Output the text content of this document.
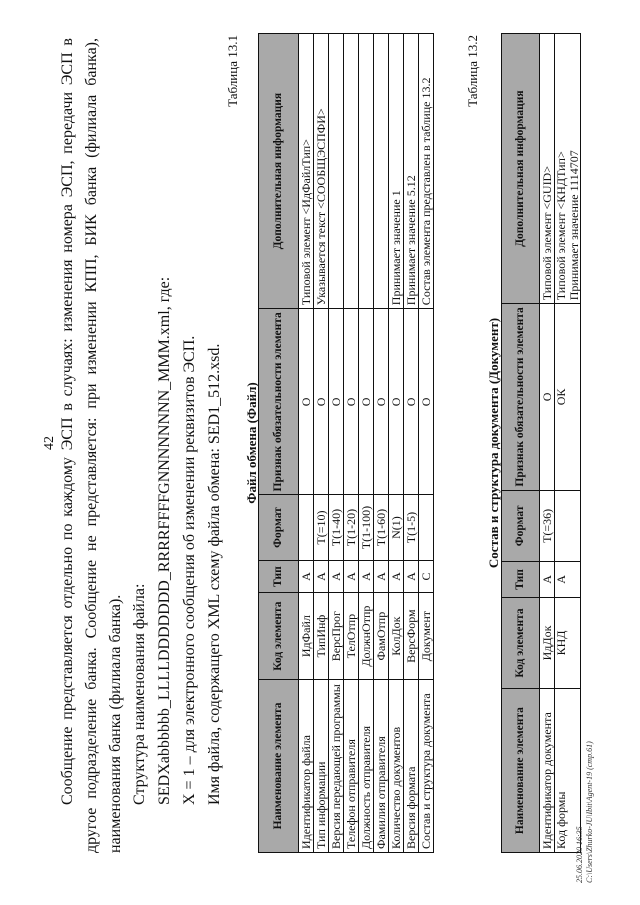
42 Сообщение представляется отдельно по каждому ЭСП в случаях: изменения номера ЭСП, передачи ЭСП в другое подразделение банка. Сообщение не представляется: при изменении КПП, БИК банка (филиала банка), наименования банка (филиала банка). Структура наименования файла: SEDXabbbbbb_LLLLDDDDDDD_RRRRFFFFGNNNNNNNN_MMM.xml, где: Х = 1 – для электронного сообщения об изменении реквизитов ЭСП. Имя файла, содержащего XML схему файла обмена: SED1_512.xsd.

Таблица 13.1
Файл обмена (Файл)
Наименование элемента	Код элемента	Тип	Формат	Признак обязательности элемента	Дополнительная информация
Идентификатор файла	ИдФайл	А		О	Типовой элемент <ИдФайлТип>
Тип информации	ТипИнф	А	Т(=10)	О	Указывается текст <СООБЩЭСПФИ>
Версия передающей программы	ВерсПрог	А	Т(1-40)	О	
Телефон отправителя	ТелОтпр	А	Т(1-20)	О	
Должность отправителя	ДолжнОтпр	А	Т(1-100)	О	
Фамилия отправителя	ФамОтпр	А	Т(1-60)	О	
Количество документов	КолДок	А	N(1)	О	Принимает значение 1
Версия формата	ВерсФорм	А	Т(1-5)	О	Принимает значение 5.12
Состав и структура документа	Документ	С		О	Состав элемента представлен в таблице 13.2
Таблица 13.2
Состав и структура документа (Документ)
Наименование элемента	Код элемента	Тип	Формат	Признак обязательности элемента	Дополнительная информация
Идентификатор документа	ИдДок	А	Т(=36)	О	Типовой элемент <GUID>
Код формы	КНД	А		ОК	Типовой элемент <КНДТип>
Принимает значение 1114707
25.06.2020 16:35 C:\Users\Zhurko-JU\Ibit\Agent-19 (стр.61)
